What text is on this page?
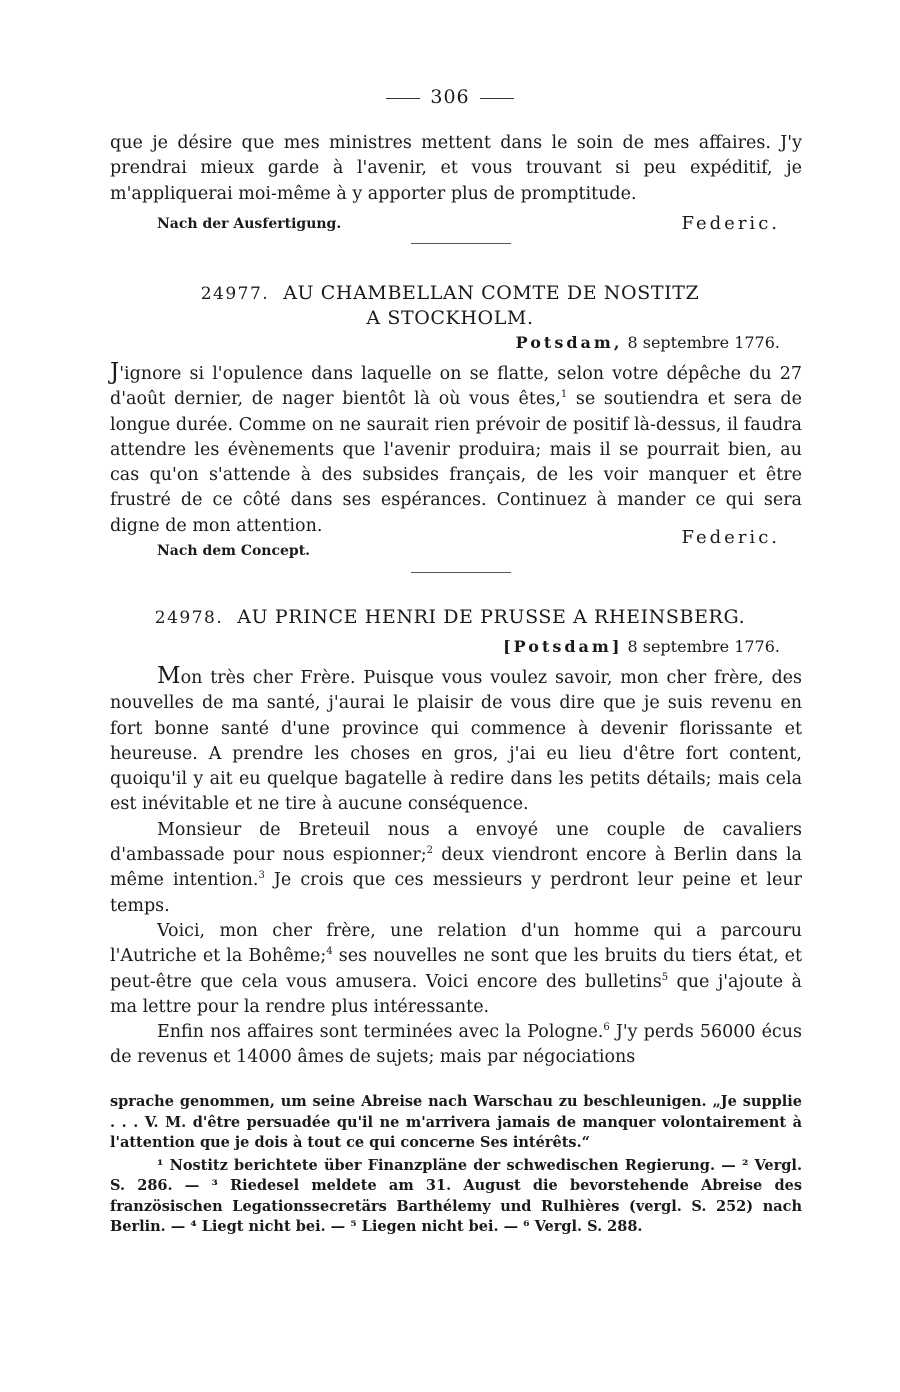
306

que je désire que mes ministres mettent dans le soin de mes affaires. J'y prendrai mieux garde à l'avenir, et vous trouvant si peu expéditif, je m'appliquerai moi-même à y apporter plus de promptitude.

Nach der Ausfertigung.	Federic.
24977. AU CHAMBELLAN COMTE DE NOSTITZ
A STOCKHOLM.
Potsdam, 8 septembre 1776.

J'ignore si l'opulence dans laquelle on se flatte, selon votre dépêche du 27 d'août dernier, de nager bientôt là où vous êtes,$^1$ se soutiendra et sera de longue durée. Comme on ne saurait rien prévoir de positif là-dessus, il faudra attendre les évènements que l'avenir produira; mais il se pourrait bien, au cas qu'on s'attende à des subsides français, de les voir manquer et être frustré de ce côté dans ses espérances. Continuez à mander ce qui sera digne de mon attention.

Nach dem Concept.
Federic.
24978. AU PRINCE HENRI DE PRUSSE A RHEINSBERG.
[Potsdam] 8 septembre 1776.

Mon très cher Frère. Puisque vous voulez savoir, mon cher frère, des nouvelles de ma santé, j'aurai le plaisir de vous dire que je suis revenu en fort bonne santé d'une province qui commence à devenir florissante et heureuse. A prendre les choses en gros, j'ai eu lieu d'être fort content, quoiqu'il y ait eu quelque bagatelle à redire dans les petits détails; mais cela est inévitable et ne tire à aucune conséquence.

Monsieur de Breteuil nous a envoyé une couple de cavaliers d'ambassade pour nous espionner;$^2$ deux viendront encore à Berlin dans la même intention.$^3$ Je crois que ces messieurs y perdront leur peine et leur temps.

Voici, mon cher frère, une relation d'un homme qui a parcouru l'Autriche et la Bohême;$^4$ ses nouvelles ne sont que les bruits du tiers état, et peut-être que cela vous amusera. Voici encore des bulletins$^5$ que j'ajoute à ma lettre pour la rendre plus intéressante.

Enfin nos affaires sont terminées avec la Pologne.$^6$ J'y perds 56000 écus de revenus et 14000 âmes de sujets; mais par négociations

sprache genommen, um seine Abreise nach Warschau zu beschleunigen. „Je supplie . . . V. M. d'être persuadée qu'il ne m'arrivera jamais de manquer volontairement à l'attention que je dois à tout ce qui concerne Ses intérêts.“

¹ Nostitz berichtete über Finanzpläne der schwedischen Regierung. — ² Vergl. S. 286. — ³ Riedesel meldete am 31. August die bevorstehende Abreise des französischen Legationssecretärs Barthélemy und Rulhières (vergl. S. 252) nach Berlin. — ⁴ Liegt nicht bei. — ⁵ Liegen nicht bei. — ⁶ Vergl. S. 288.
